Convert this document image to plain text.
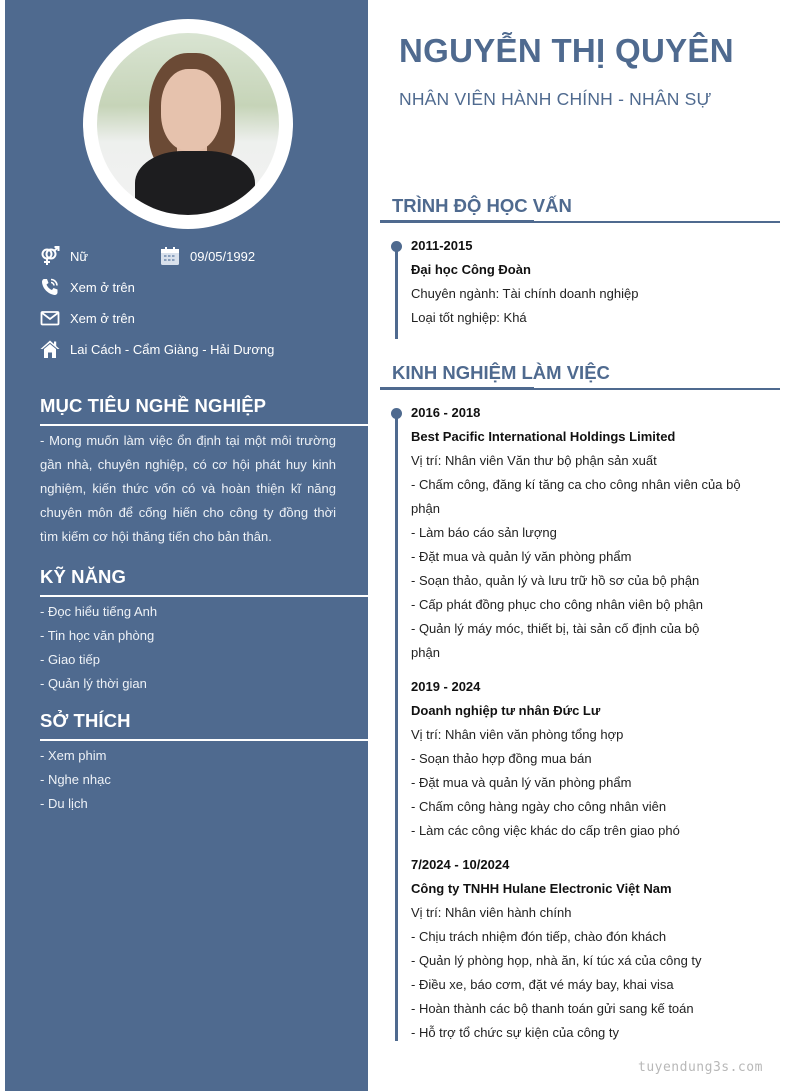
Nữ	09/05/1992
Xem ở trên
Xem ở trên
Lai Cách - Cẩm Giàng - Hải Dương
MỤC TIÊU NGHỀ NGHIỆP
- Mong muốn làm việc ổn định tại một môi trường gần nhà, chuyên nghiệp, có cơ hội phát huy kinh nghiệm, kiến thức vốn có và hoàn thiện kĩ năng chuyên môn để cống hiến cho công ty đồng thời tìm kiếm cơ hội thăng tiến cho bản thân.
KỸ NĂNG
- Đọc hiểu tiếng Anh
- Tin học văn phòng
- Giao tiếp
- Quản lý thời gian
SỞ THÍCH
- Xem phim
- Nghe nhạc
- Du lịch
NGUYỄN THỊ QUYÊN
NHÂN VIÊN HÀNH CHÍNH - NHÂN SỰ
TRÌNH ĐỘ HỌC VẤN
2011-2015
Đại học Công Đoàn
Chuyên ngành: Tài chính doanh nghiệp
Loại tốt nghiệp: Khá
KINH NGHIỆM LÀM VIỆC
2016 - 2018
Best Pacific International Holdings Limited
Vị trí: Nhân viên Văn thư bộ phận sản xuất
- Chấm công, đăng kí tăng ca cho công nhân viên của bộ phận
- Làm báo cáo sản lượng
- Đặt mua và quản lý văn phòng phẩm
- Soạn thảo, quản lý và lưu trữ hồ sơ của bộ phận
- Cấp phát đồng phục cho công nhân viên bộ phận
- Quản lý máy móc, thiết bị, tài sản cố định của bộ phận
2019 - 2024
Doanh nghiệp tư nhân Đức Lư
Vị trí: Nhân viên văn phòng tổng hợp
- Soạn thảo hợp đồng mua bán
- Đặt mua và quản lý văn phòng phẩm
- Chấm công hàng ngày cho công nhân viên
- Làm các công việc khác do cấp trên giao phó
7/2024 - 10/2024
Công ty TNHH Hulane Electronic Việt Nam
Vị trí: Nhân viên hành chính
- Chịu trách nhiệm đón tiếp, chào đón khách
- Quản lý phòng họp, nhà ăn, kí túc xá của công ty
- Điều xe, báo cơm, đặt vé máy bay, khai visa
- Hoàn thành các bộ thanh toán gửi sang kế toán
- Hỗ trợ tổ chức sự kiện của công ty
tuyendung3s.com
